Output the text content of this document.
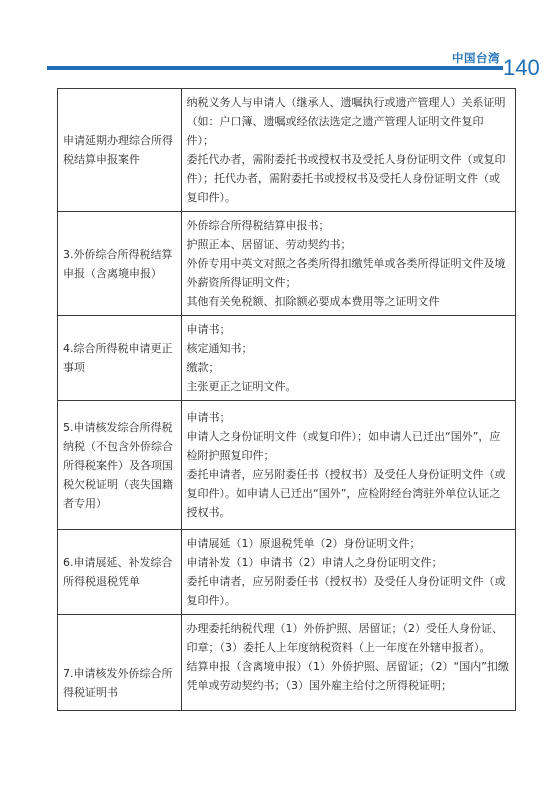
中国台湾 140
申请延期办理综合所得税结算申报案件	纳税义务人与申请人（继承人、遗嘱执行或遗产管理人）关系证明（如：户口簿、遗嘱或经依法选定之遗产管理人证明文件复印件）；
委托代办者，需附委托书或授权书及受托人身份证明文件（或复印件）；托代办者，需附委托书或授权书及受托人身份证明文件（或复印件）。

3.外侨综合所得税结算申报（含离境申报）	外侨综合所得税结算申报书；
护照正本、居留证、劳动契约书；
外侨专用中英文对照之各类所得扣缴凭单或各类所得证明文件及境外薪资所得证明文件；
其他有关免税额、扣除额必要成本费用等之证明文件

4.综合所得税申请更正事项	申请书；
核定通知书；
缴款；
主张更正之证明文件。

5.申请核发综合所得税纳税（不包含外侨综合所得税案件）及各项国税欠税证明（丧失国籍者专用）	申请书；
申请人之身份证明文件（或复印件）；如申请人已迁出“国外”，应检附护照复印件；
委托申请者，应另附委任书（授权书）及受任人身份证明文件（或复印件）。如申请人已迁出“国外”，应检附经台湾驻外单位认证之授权书。

6.申请展延、补发综合所得税退税凭单	申请展延（1）原退税凭单（2）身份证明文件；
申请补发（1）申请书（2）申请人之身份证明文件；
委托申请者，应另附委任书（授权书）及受任人身份证明文件（或复印件）。

7.申请核发外侨综合所得税证明书	办理委托纳税代理（1）外侨护照、居留证；（2）受任人身份证、印章；（3）委托人上年度纳税资料（上一年度在外辖申报者）。
结算申报（含离境申报）（1）外侨护照、居留证；（2）“国内”扣缴凭单或劳动契约书；（3）国外雇主给付之所得税证明；
